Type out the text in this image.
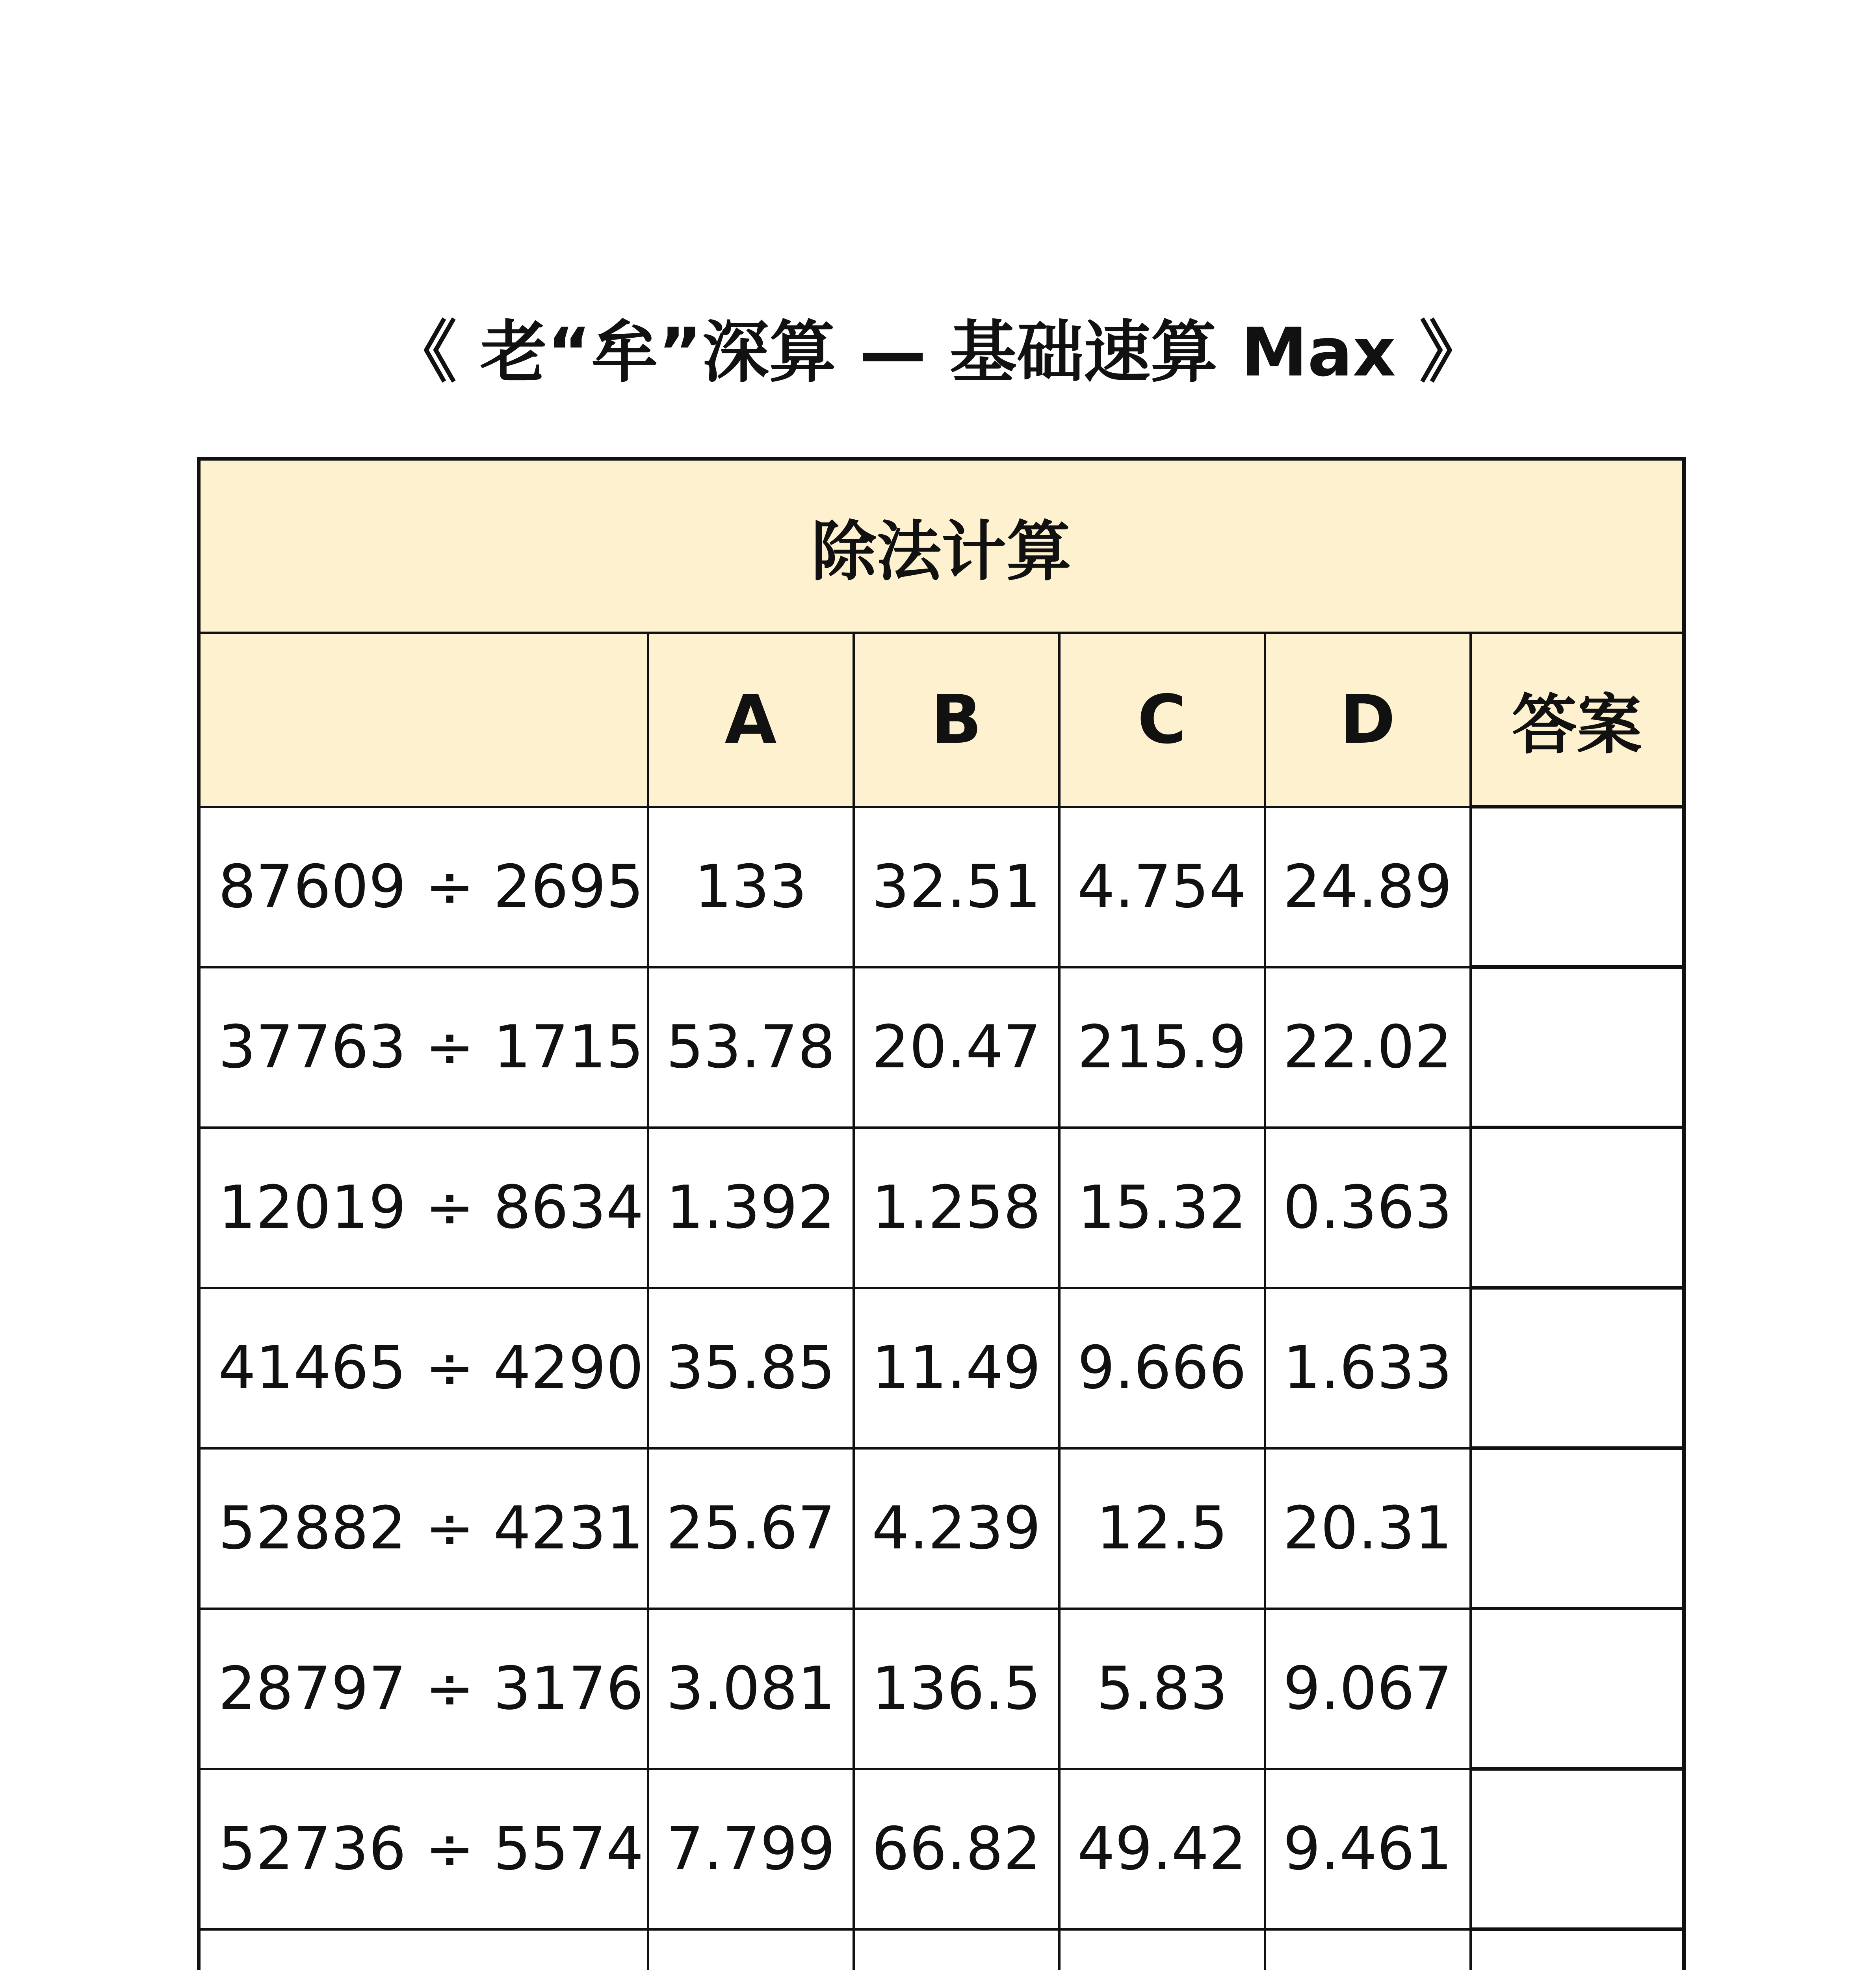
《 老“牟”深算 — 基础速算 Max 》
除法计算					
	A	B	C	D	答案
87609 ÷ 2695	133	32.51	4.754	24.89	
37763 ÷ 1715	53.78	20.47	215.9	22.02	
12019 ÷ 8634	1.392	1.258	15.32	0.363	
41465 ÷ 4290	35.85	11.49	9.666	1.633	
52882 ÷ 4231	25.67	4.239	12.5	20.31	
28797 ÷ 3176	3.081	136.5	5.83	9.067	
52736 ÷ 5574	7.799	66.82	49.42	9.461	
